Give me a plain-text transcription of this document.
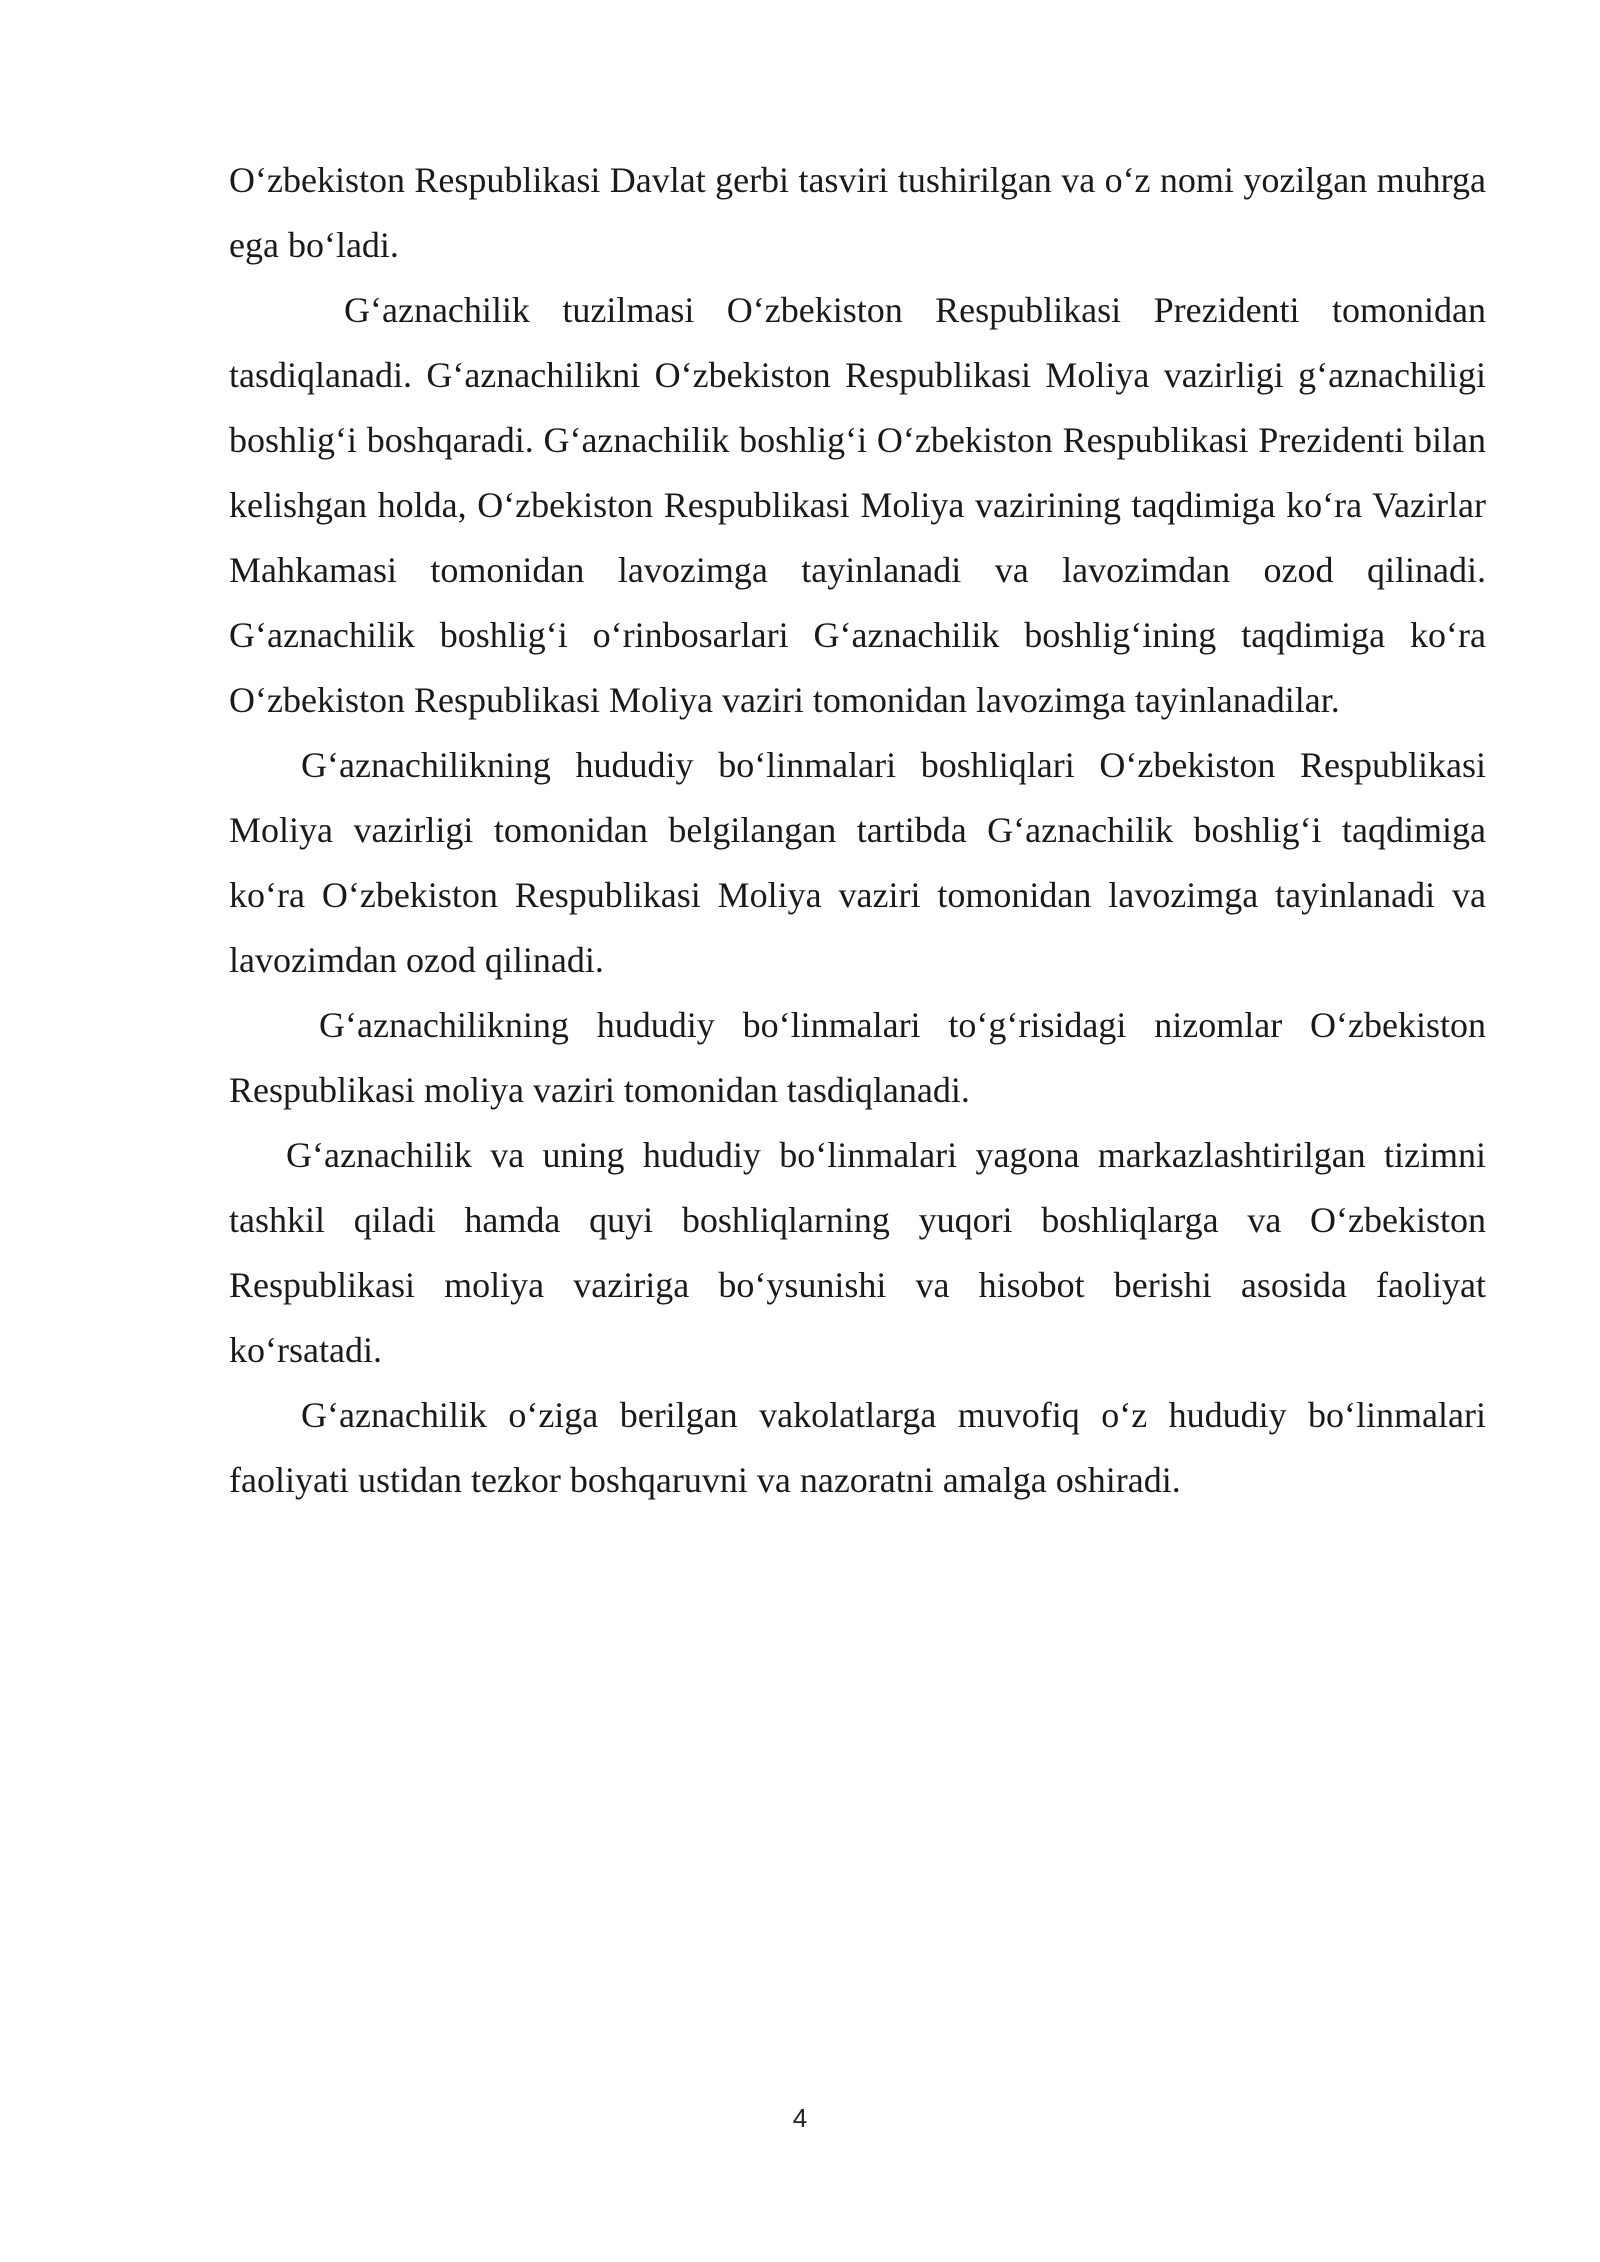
O‘zbekiston Respublikasi Davlat gerbi tasviri tushirilgan va o‘z nomi yozilgan muhrga ega bo‘ladi.

G‘aznachilik tuzilmasi O‘zbekiston Respublikasi Prezidenti tomonidan tasdiqlanadi. G‘aznachilikni O‘zbekiston Respublikasi Moliya vazirligi g‘aznachiligi boshlig‘i boshqaradi. G‘aznachilik boshlig‘i O‘zbekiston Respublikasi Prezidenti bilan kelishgan holda, O‘zbekiston Respublikasi Moliya vazirining taqdimiga ko‘ra Vazirlar Mahkamasi tomonidan lavozimga tayinlanadi va lavozimdan ozod qilinadi. G‘aznachilik boshlig‘i o‘rinbosarlari G‘aznachilik boshlig‘ining taqdimiga ko‘ra O‘zbekiston Respublikasi Moliya vaziri tomonidan lavozimga tayinlanadilar.

G‘aznachilikning hududiy bo‘linmalari boshliqlari O‘zbekiston Respublikasi Moliya vazirligi tomonidan belgilangan tartibda G‘aznachilik boshlig‘i taqdimiga ko‘ra O‘zbekiston Respublikasi Moliya vaziri tomonidan lavozimga tayinlanadi va lavozimdan ozod qilinadi.

G‘aznachilikning hududiy bo‘linmalari to‘g‘risidagi nizomlar O‘zbekiston Respublikasi moliya vaziri tomonidan tasdiqlanadi.

G‘aznachilik va uning hududiy bo‘linmalari yagona markazlashtirilgan tizimni tashkil qiladi hamda quyi boshliqlarning yuqori boshliqlarga va O‘zbekiston Respublikasi moliya vaziriga bo‘ysunishi va hisobot berishi asosida faoliyat ko‘rsatadi.

G‘aznachilik o‘ziga berilgan vakolatlarga muvofiq o‘z hududiy bo‘linmalari faoliyati ustidan tezkor boshqaruvni va nazoratni amalga oshiradi.

4
